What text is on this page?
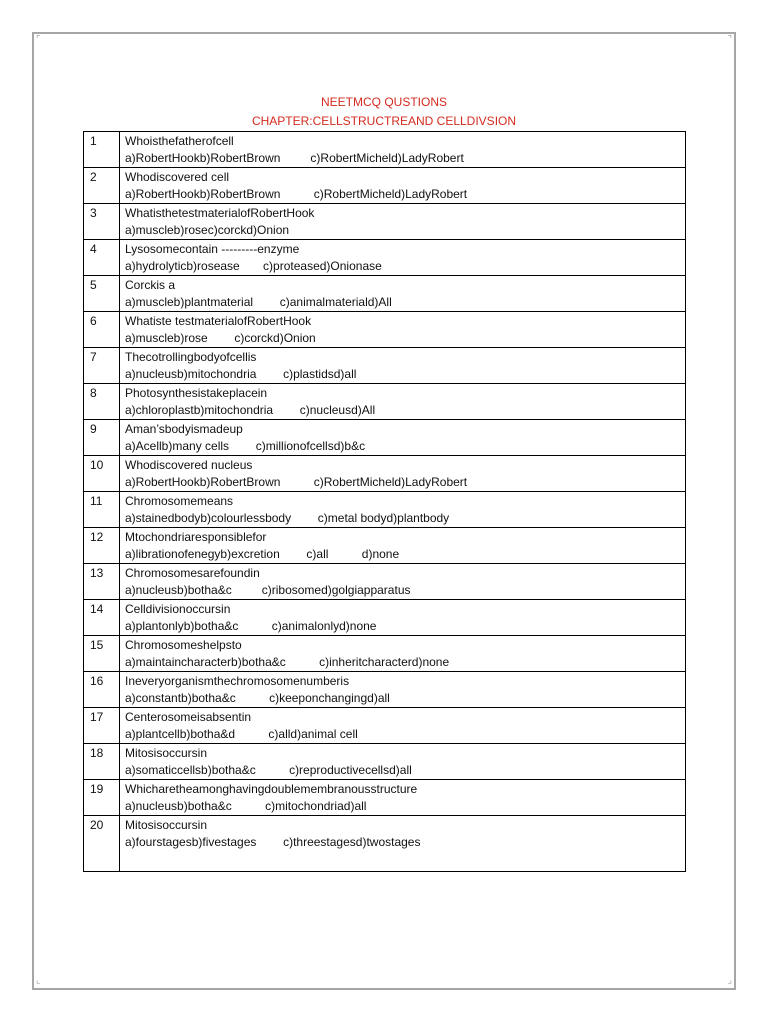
⌜	⌝
⌞	⌟
NEETMCQ QUSTIONS
CHAPTER:CELLSTRUCTREAND CELLDIVSION
1	Whoisthefatherofcell
a)RobertHookb)RobertBrown         c)RobertMicheld)LadyRobert

2	Whodiscovered cell
a)RobertHookb)RobertBrown          c)RobertMicheld)LadyRobert

3	WhatisthetestmaterialofRobertHook
a)muscleb)rosec)corckd)Onion

4	Lysosomecontain ---------enzyme
a)hydrolyticb)rosease       c)proteased)Onionase

5	Corckis a
a)muscleb)plantmaterial        c)animalmateriald)All

6	Whatiste testmaterialofRobertHook
a)muscleb)rose        c)corckd)Onion

7	Thecotrollingbodyofcellis
a)nucleusb)mitochondria        c)plastidsd)all

8	Photosynthesistakeplacein
a)chloroplastb)mitochondria        c)nucleusd)All

9	Aman’sbodyismadeup
a)Acellb)many cells        c)millionofcellsd)b&c

10	Whodiscovered nucleus
a)RobertHookb)RobertBrown          c)RobertMicheld)LadyRobert

11	Chromosomemeans
a)stainedbodyb)colourlessbody        c)metal bodyd)plantbody

12	Mtochondriaresponsiblefor
a)librationofenegyb)excretion        c)all          d)none

13	Chromosomesarefoundin
a)nucleusb)botha&c         c)ribosomed)golgiapparatus

14	Celldivisionoccursin
a)plantonlyb)botha&c          c)animalonlyd)none

15	Chromosomeshelpsto
a)maintaincharacterb)botha&c          c)inheritcharacterd)none

16	Ineveryorganismthechromosomenumberis
a)constantb)botha&c          c)keeponchangingd)all

17	Centerosomeisabsentin
a)plantcellb)botha&d          c)alld)animal cell

18	Mitosisoccursin
a)somaticcellsb)botha&c          c)reproductivecellsd)all

19	Whicharetheamonghavingdoublemembranousstructure
a)nucleusb)botha&c          c)mitochondriad)all

20	Mitosisoccursin
a)fourstagesb)fivestages        c)threestagesd)twostages
